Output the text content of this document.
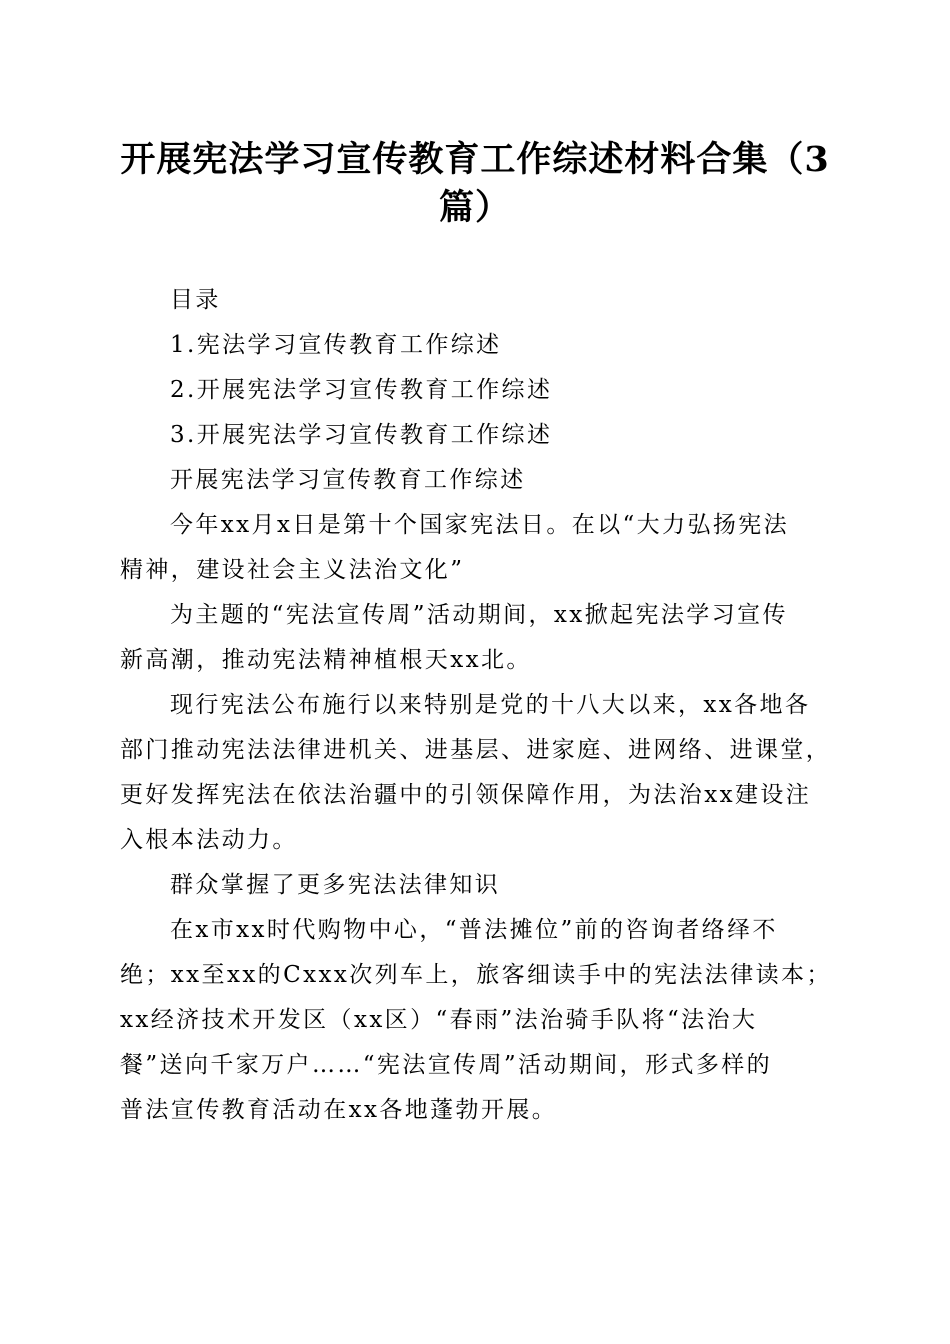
开展宪法学习宣传教育工作综述材料合集（3
篇）

目录

1.宪法学习宣传教育工作综述

2.开展宪法学习宣传教育工作综述

3.开展宪法学习宣传教育工作综述

开展宪法学习宣传教育工作综述

今年xx月x日是第十个国家宪法日。在以“大力弘扬宪法

精神，建设社会主义法治文化”

为主题的“宪法宣传周”活动期间，xx掀起宪法学习宣传

新高潮，推动宪法精神植根天xx北。

现行宪法公布施行以来特别是党的十八大以来，xx各地各

部门推动宪法法律进机关、进基层、进家庭、进网络、进课堂，

更好发挥宪法在依法治疆中的引领保障作用，为法治xx建设注

入根本法动力。

群众掌握了更多宪法法律知识

在x市xx时代购物中心，“普法摊位”前的咨询者络绎不

绝；xx至xx的Cxxx次列车上，旅客细读手中的宪法法律读本；

xx经济技术开发区（xx区）“春雨”法治骑手队将“法治大

餐”送向千家万户……“宪法宣传周”活动期间，形式多样的

普法宣传教育活动在xx各地蓬勃开展。
